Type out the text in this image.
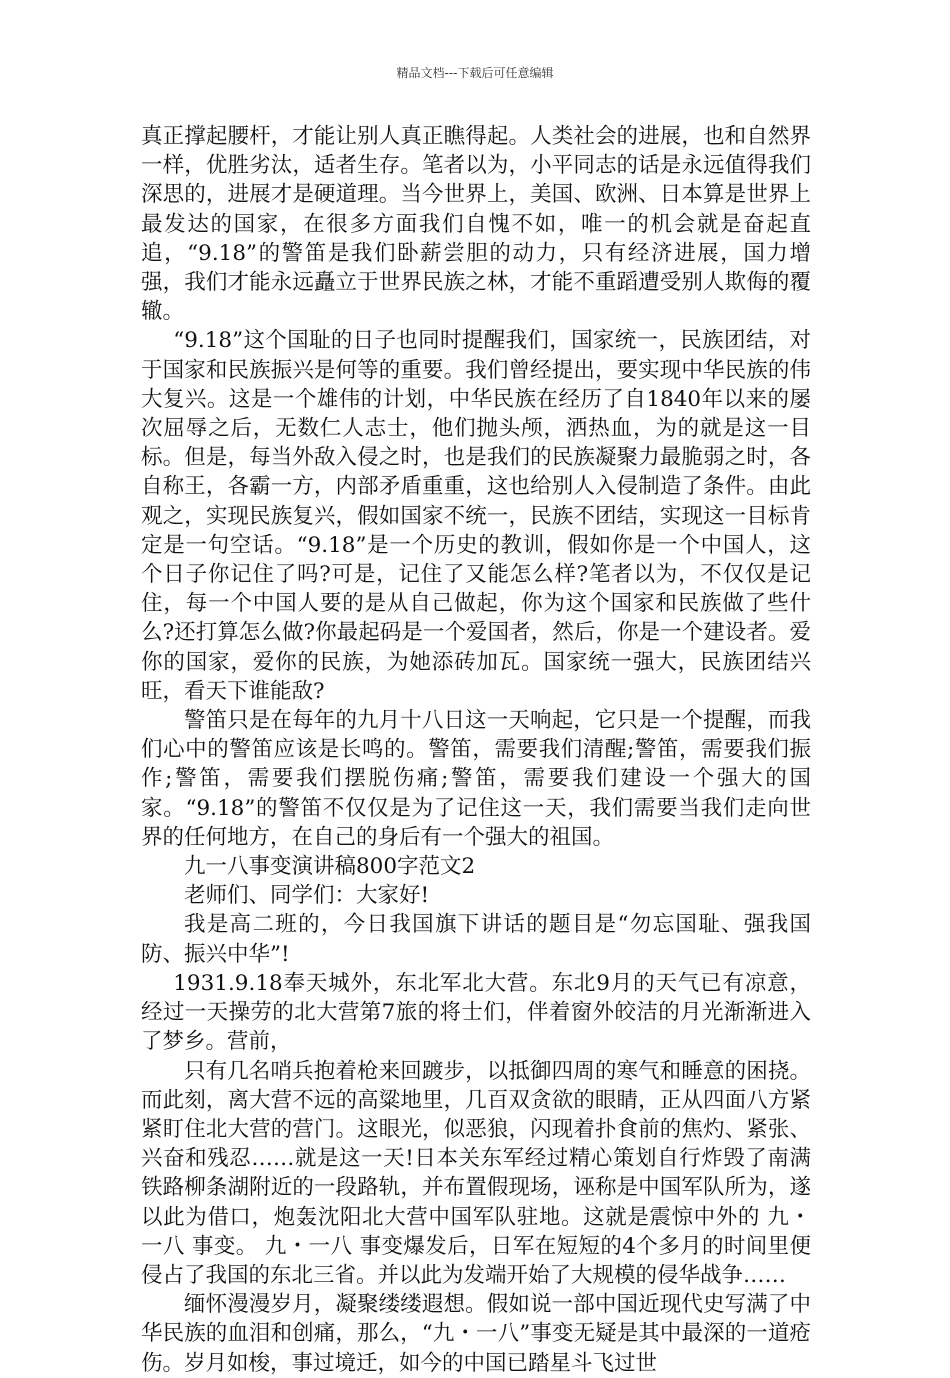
精品文档---下载后可任意编辑

真正撑起腰杆，才能让别人真正瞧得起。人类社会的进展，也和自然界一样，优胜劣汰，适者生存。笔者以为，小平同志的话是永远值得我们深思的，进展才是硬道理。当今世界上，美国、欧洲、日本算是世界上最发达的国家，在很多方面我们自愧不如，唯一的机会就是奋起直追，“9.18”的警笛是我们卧薪尝胆的动力，只有经济进展，国力增强，我们才能永远矗立于世界民族之林，才能不重蹈遭受别人欺侮的覆辙。

“9.18”这个国耻的日子也同时提醒我们，国家统一，民族团结，对于国家和民族振兴是何等的重要。我们曾经提出，要实现中华民族的伟大复兴。这是一个雄伟的计划，中华民族在经历了自1840年以来的屡次屈辱之后，无数仁人志士，他们抛头颅，洒热血，为的就是这一目标。但是，每当外敌入侵之时，也是我们的民族凝聚力最脆弱之时，各自称王，各霸一方，内部矛盾重重，这也给别人入侵制造了条件。由此观之，实现民族复兴，假如国家不统一，民族不团结，实现这一目标肯定是一句空话。“9.18”是一个历史的教训，假如你是一个中国人，这个日子你记住了吗?可是，记住了又能怎么样?笔者以为，不仅仅是记住，每一个中国人要的是从自己做起，你为这个国家和民族做了些什么?还打算怎么做?你最起码是一个爱国者，然后，你是一个建设者。爱你的国家，爱你的民族，为她添砖加瓦。国家统一强大，民族团结兴旺，看天下谁能敌?

警笛只是在每年的九月十八日这一天响起，它只是一个提醒，而我们心中的警笛应该是长鸣的。警笛，需要我们清醒;警笛，需要我们振作;警笛，需要我们摆脱伤痛;警笛，需要我们建设一个强大的国家。“9.18”的警笛不仅仅是为了记住这一天，我们需要当我们走向世界的任何地方，在自己的身后有一个强大的祖国。

九一八事变演讲稿800字范文2

老师们、同学们：大家好!

我是高二班的，今日我国旗下讲话的题目是“勿忘国耻、强我国防、振兴中华”!

1931.9.18奉天城外，东北军北大营。东北9月的天气已有凉意，经过一天操劳的北大营第7旅的将士们，伴着窗外皎洁的月光渐渐进入了梦乡。营前，

只有几名哨兵抱着枪来回踱步，以抵御四周的寒气和睡意的困挠。而此刻，离大营不远的高粱地里，几百双贪欲的眼睛，正从四面八方紧紧盯住北大营的营门。这眼光，似恶狼，闪现着扑食前的焦灼、紧张、兴奋和残忍……就是这一天!日本关东军经过精心策划自行炸毁了南满铁路柳条湖附近的一段路轨，并布置假现场，诬称是中国军队所为，遂以此为借口，炮轰沈阳北大营中国军队驻地。这就是震惊中外的 九・一八 事变。 九・一八 事变爆发后，日军在短短的4个多月的时间里便侵占了我国的东北三省。并以此为发端开始了大规模的侵华战争……

缅怀漫漫岁月，凝聚缕缕遐想。假如说一部中国近现代史写满了中华民族的血泪和创痛，那么，“九・一八”事变无疑是其中最深的一道疮伤。岁月如梭，事过境迁，如今的中国已踏星斗飞过世
